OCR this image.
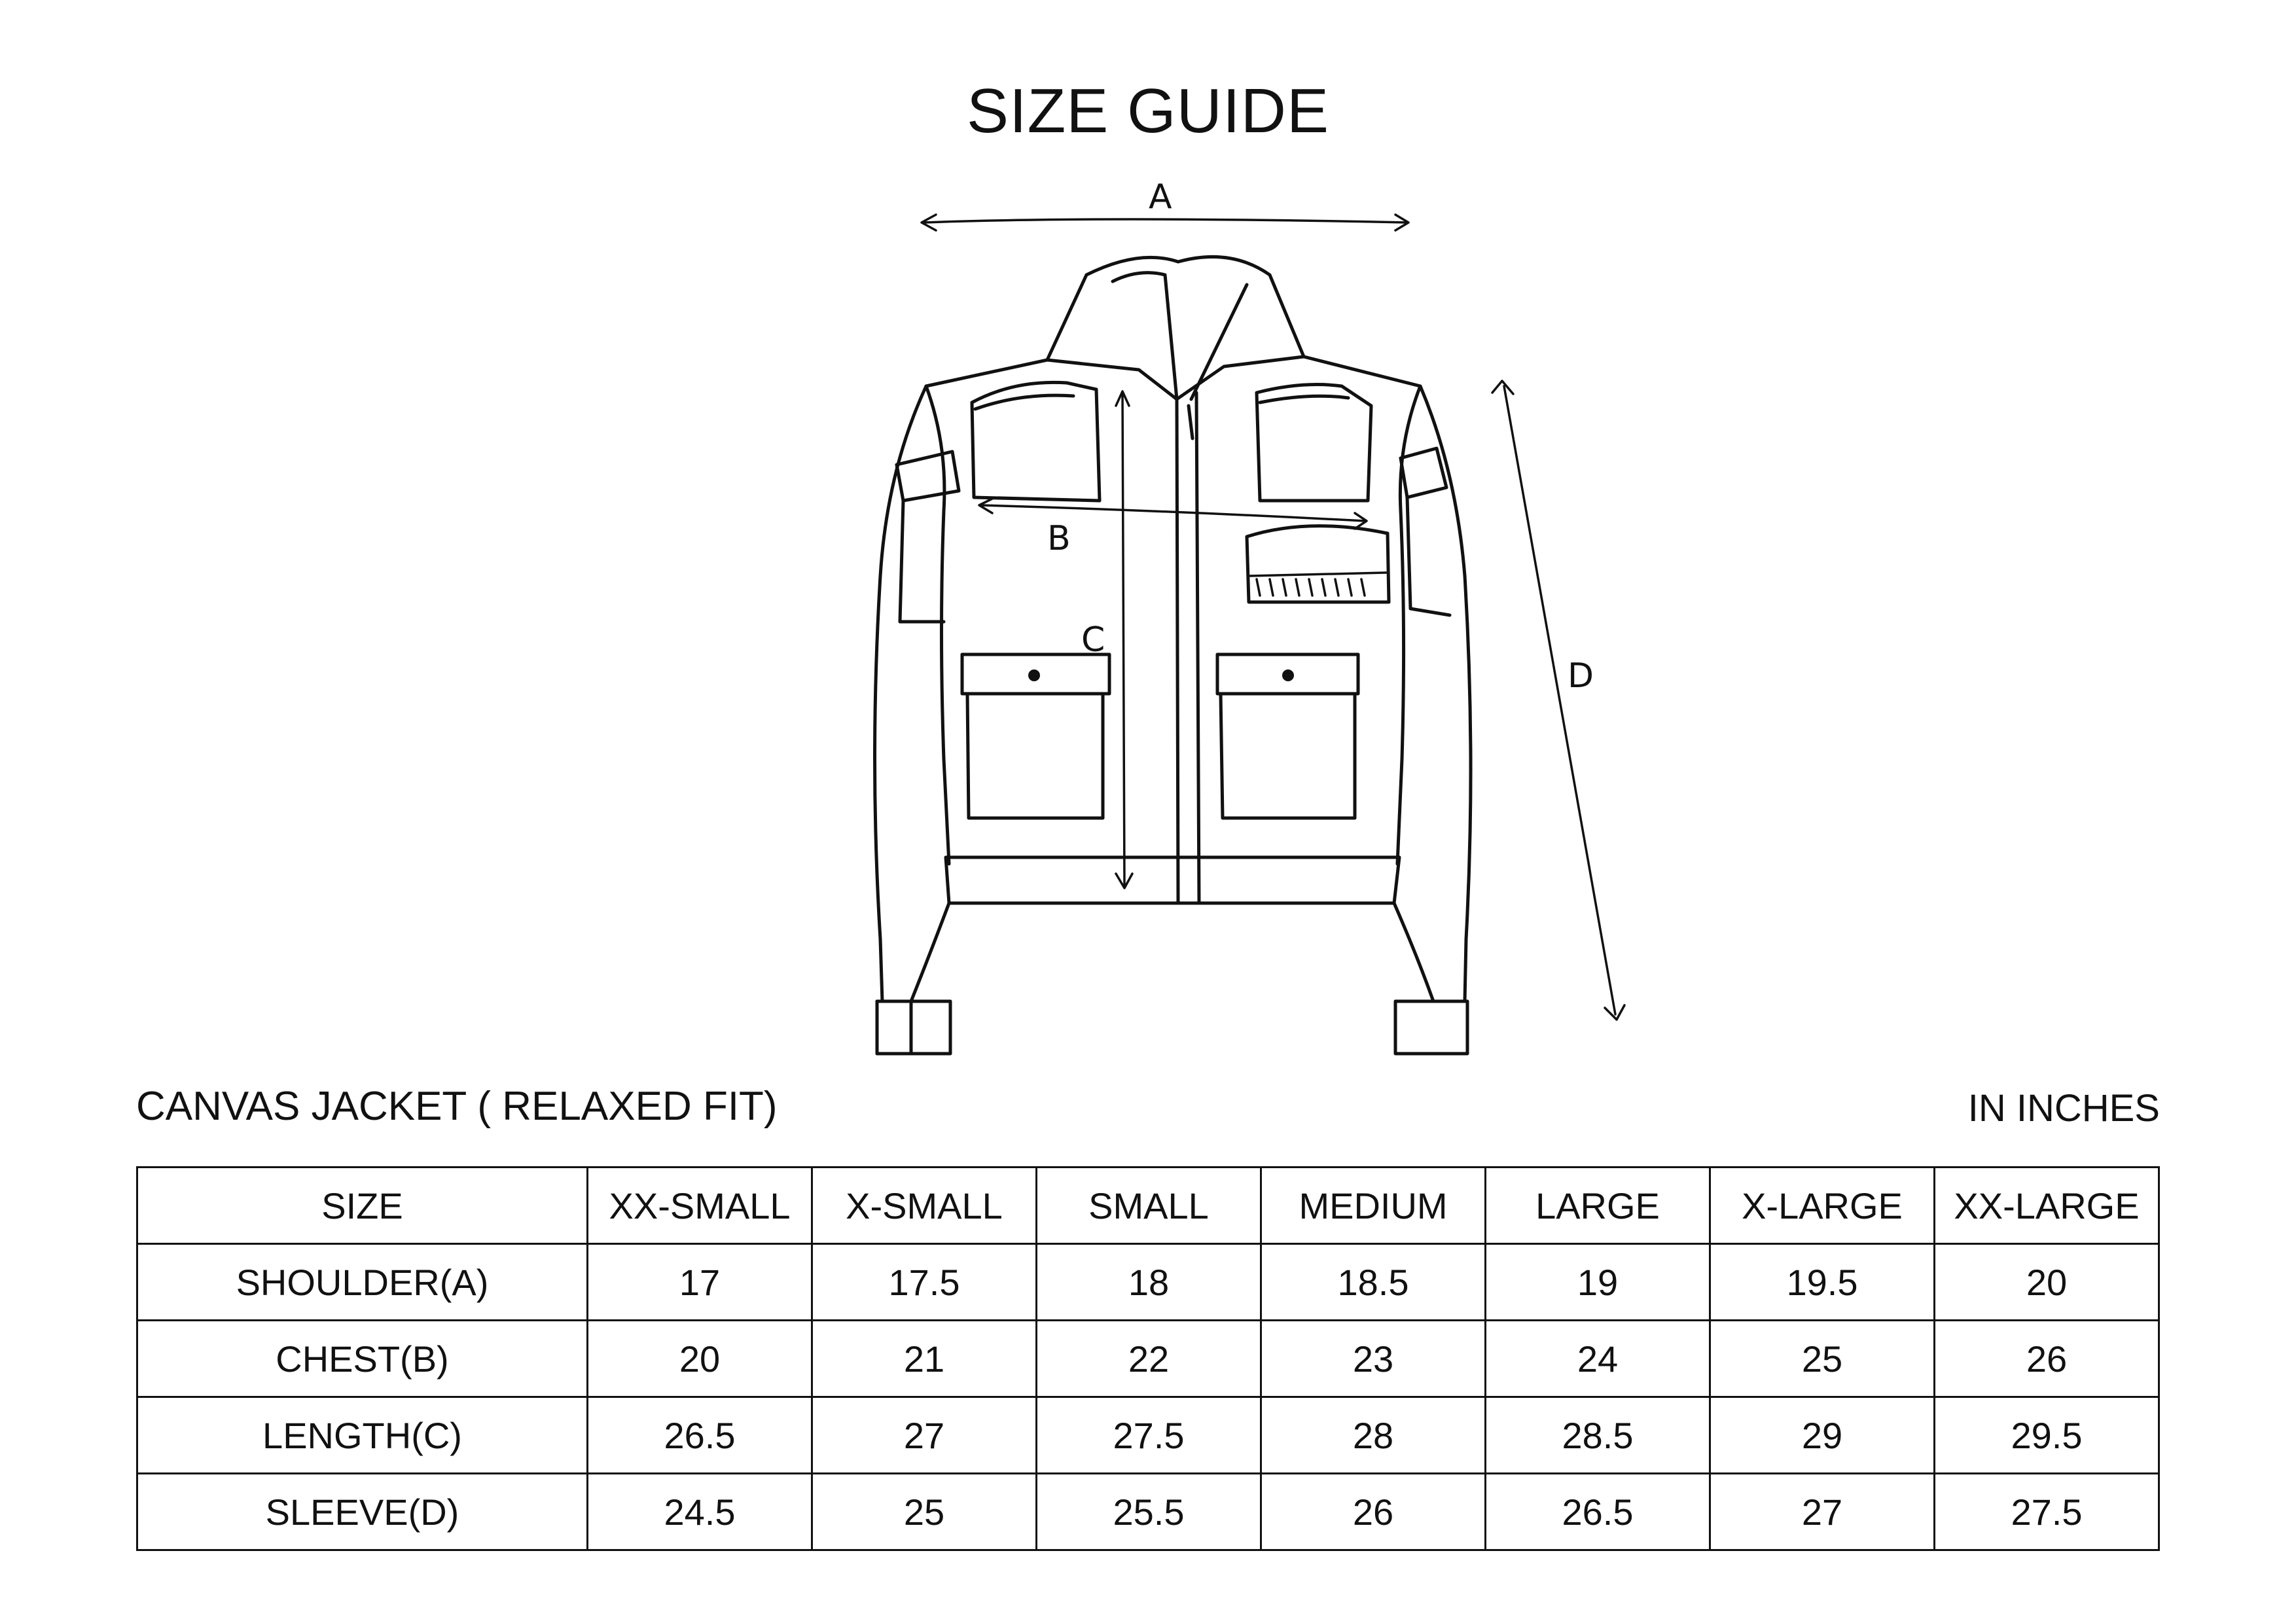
SIZE GUIDE
A
B
C
D
CANVAS JACKET ( RELAXED FIT)	IN INCHES
SIZE	XX-SMALL	X-SMALL	SMALL	MEDIUM	LARGE	X-LARGE	XX-LARGE
SHOULDER(A)	17	17.5	18	18.5	19	19.5	20
CHEST(B)	20	21	22	23	24	25	26
LENGTH(C)	26.5	27	27.5	28	28.5	29	29.5
SLEEVE(D)	24.5	25	25.5	26	26.5	27	27.5
